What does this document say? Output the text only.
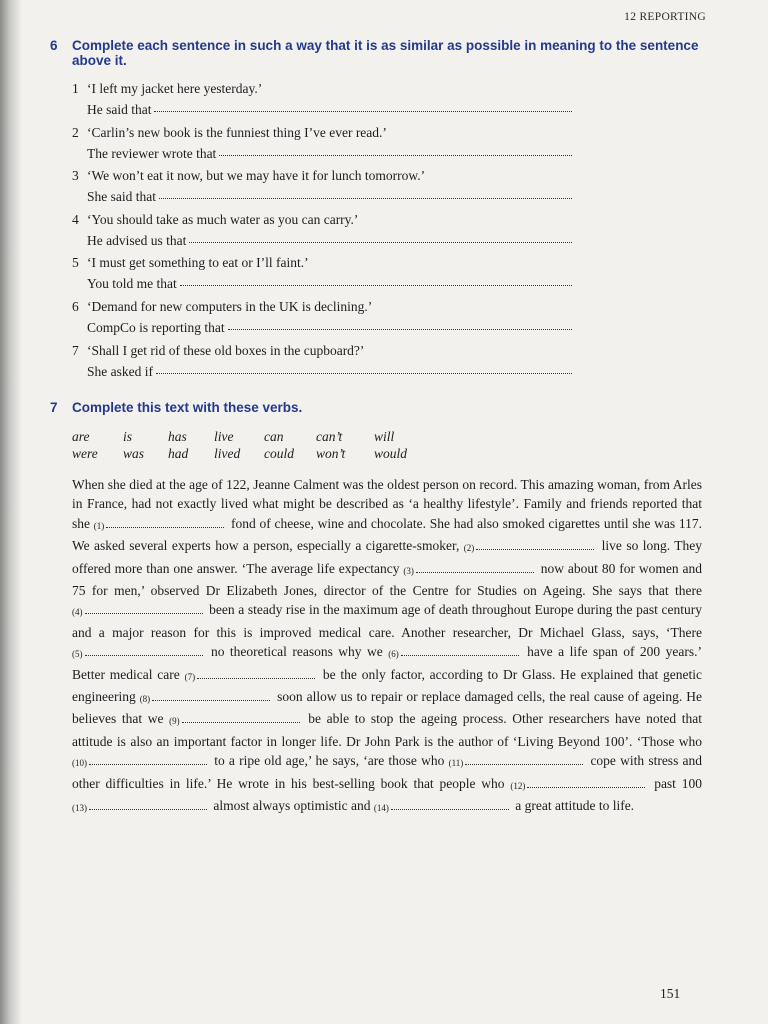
12 REPORTING
6	Complete each sentence in such a way that it is as similar as possible in meaning to the sentence above it.
1 ‘I left my jacket here yesterday.’
He said that
2 ‘Carlin’s new book is the funniest thing I’ve ever read.’
The reviewer wrote that
3 ‘We won’t eat it now, but we may have it for lunch tomorrow.’
She said that
4 ‘You should take as much water as you can carry.’
He advised us that
5 ‘I must get something to eat or I’ll faint.’
You told me that
6 ‘Demand for new computers in the UK is declining.’
CompCo is reporting that
7 ‘Shall I get rid of these old boxes in the cupboard?’
She asked if
7	Complete this text with these verbs.
are	is	has	live	can	can’t	will
were	was	had	lived	could	won’t	would
When she died at the age of 122, Jeanne Calment was the oldest person on record. This amazing woman, from Arles in France, had not exactly lived what might be described as ‘a healthy lifestyle’. Family and friends reported that she (1)	fond of cheese, wine and chocolate. She had also smoked cigarettes until she was 117. We asked several experts how a person, especially a cigarette-smoker, (2)	live so long. They offered more than one answer. ‘The average life expectancy (3)	now about 80 for women and 75 for men,’ observed Dr Elizabeth Jones, director of the Centre for Studies on Ageing. She says that there (4)	been a steady rise in the maximum age of death throughout Europe during the past century and a major reason for this is improved medical care. Another researcher, Dr Michael Glass, says, ‘There (5)	no theoretical reasons why we (6)	have a life span of 200 years.’ Better medical care (7)	be the only factor, according to Dr Glass. He explained that genetic engineering (8)	soon allow us to repair or replace damaged cells, the real cause of ageing. He believes that we (9)	be able to stop the ageing process. Other researchers have noted that attitude is also an important factor in longer life. Dr John Park is the author of ‘Living Beyond 100’. ‘Those who (10)	to a ripe old age,’ he says, ‘are those who (11)	cope with stress and other difficulties in life.’ He wrote in his best-selling book that people who (12)	past 100 (13)	almost always optimistic and (14)	a great attitude to life.
151
